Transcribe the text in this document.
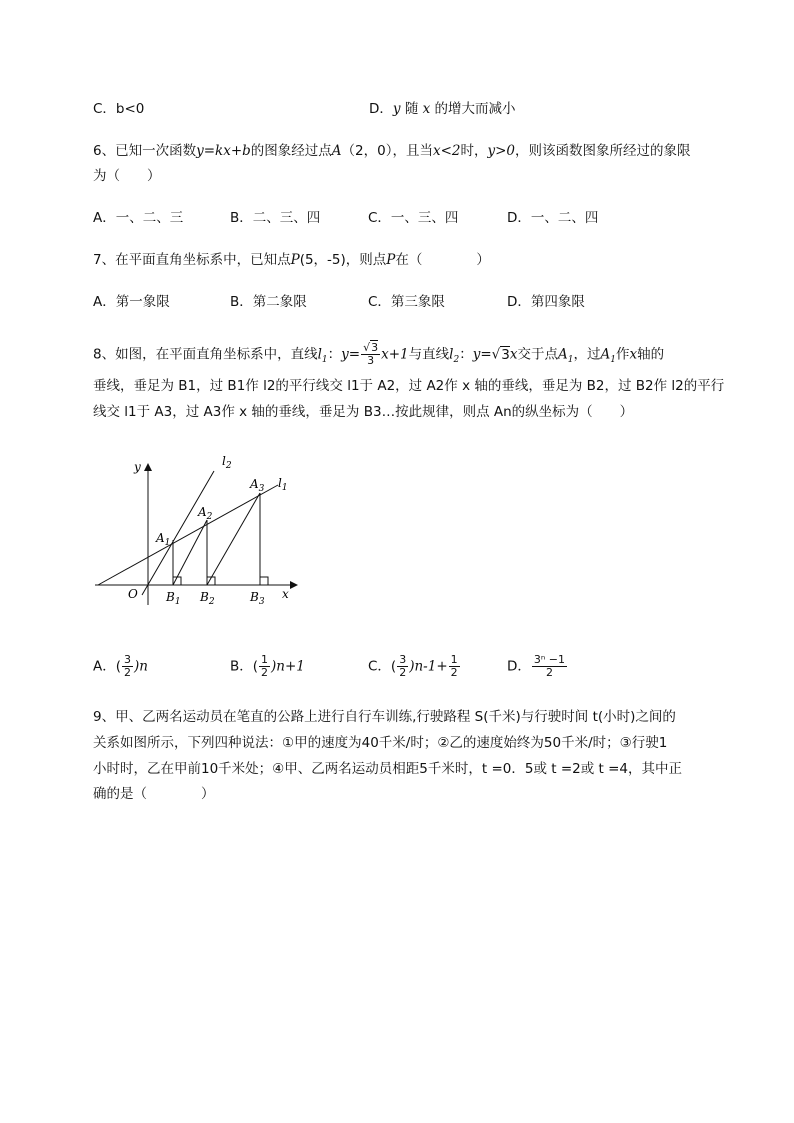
C．b<0	D．y 随 x 的增大而减小
6、已知一次函数y=kx+b的图象经过点A（2，0），且当x<2时，y>0，则该函数图象所经过的象限
为（　　）
A．一、二、三	B．二、三、四	C．一、三、四	D．一、二、四
7、在平面直角坐标系中，已知点P(5，-5)，则点P在（　　　　）
A．第一象限	B．第二象限	C．第三象限	D．第四象限
8、如图，在平面直角坐标系中，直线$l_1$：$y= \frac{√3}{3} x+1$与直线$l_2$：y=√3x交于点$A_1$，过$A_1$作x轴的
垂线，垂足为 B1，过 B1作 l2的平行线交 l1于 A2，过 A2作 x 轴的垂线，垂足为 B2，过 B2作 l2的平行
线交 l1于 A3，过 A3作 x 轴的垂线，垂足为 B3…按此规律，则点 An的纵坐标为（　　）
y
x
O
$l_2$
$l_1$
$A_1$
$A_2$
$A_3$
$B_1$ $B_2$	$B_3$
A．( $\frac{3}{2} )n$	B．( $\frac{1}{2} )n+1$	C．( $\frac{3}{2} )n-1+ \frac{1}{2}$	D． $\frac{\text{3ⁿ −1}}{2}$
9、甲、乙两名运动员在笔直的公路上进行自行车训练,行驶路程 S(千米)与行驶时间 t(小时)之间的
关系如图所示，下列四种说法：①甲的速度为40千米/时；②乙的速度始终为50千米/时；③行驶1
小时时，乙在甲前10千米处；④甲、乙两名运动员相距5千米时，t =0．5或 t =2或 t =4，其中正
确的是（　　　　）
